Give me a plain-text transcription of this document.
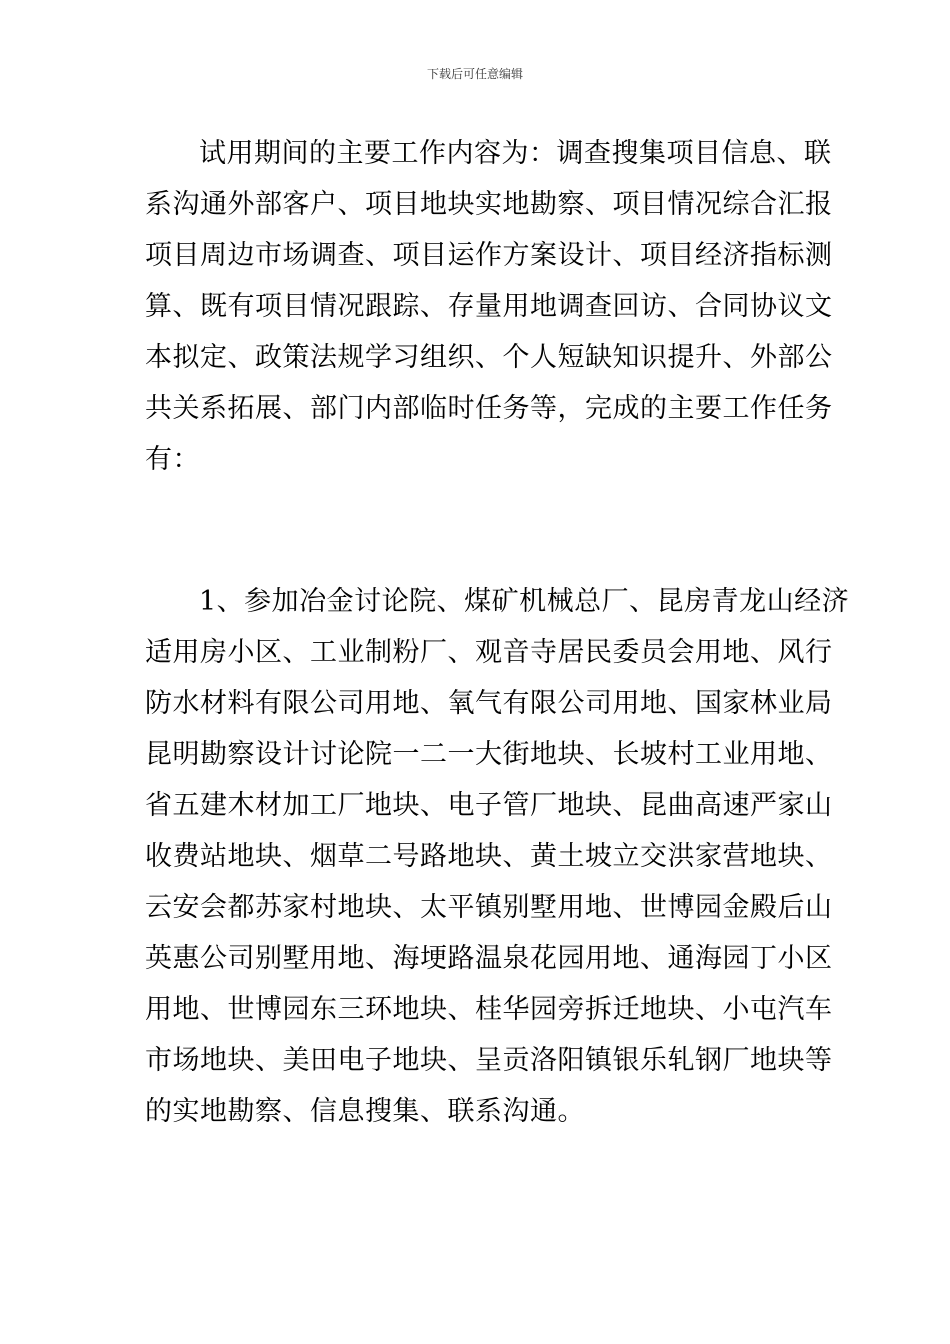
下载后可任意编辑
试用期间的主要工作内容为：调查搜集项目信息、联
系沟通外部客户、项目地块实地勘察、项目情况综合汇报
项目周边市场调查、项目运作方案设计、项目经济指标测
算、既有项目情况跟踪、存量用地调查回访、合同协议文
本拟定、政策法规学习组织、个人短缺知识提升、外部公
共关系拓展、部门内部临时任务等，完成的主要工作任务
有：
1、参加冶金讨论院、煤矿机械总厂、昆房青龙山经济
适用房小区、工业制粉厂、观音寺居民委员会用地、风行
防水材料有限公司用地、氧气有限公司用地、国家林业局
昆明勘察设计讨论院一二一大街地块、长坡村工业用地、
省五建木材加工厂地块、电子管厂地块、昆曲高速严家山
收费站地块、烟草二号路地块、黄土坡立交洪家营地块、
云安会都苏家村地块、太平镇别墅用地、世博园金殿后山
英惠公司别墅用地、海埂路温泉花园用地、通海园丁小区
用地、世博园东三环地块、桂华园旁拆迁地块、小屯汽车
市场地块、美田电子地块、呈贡洛阳镇银乐轧钢厂地块等
的实地勘察、信息搜集、联系沟通。
